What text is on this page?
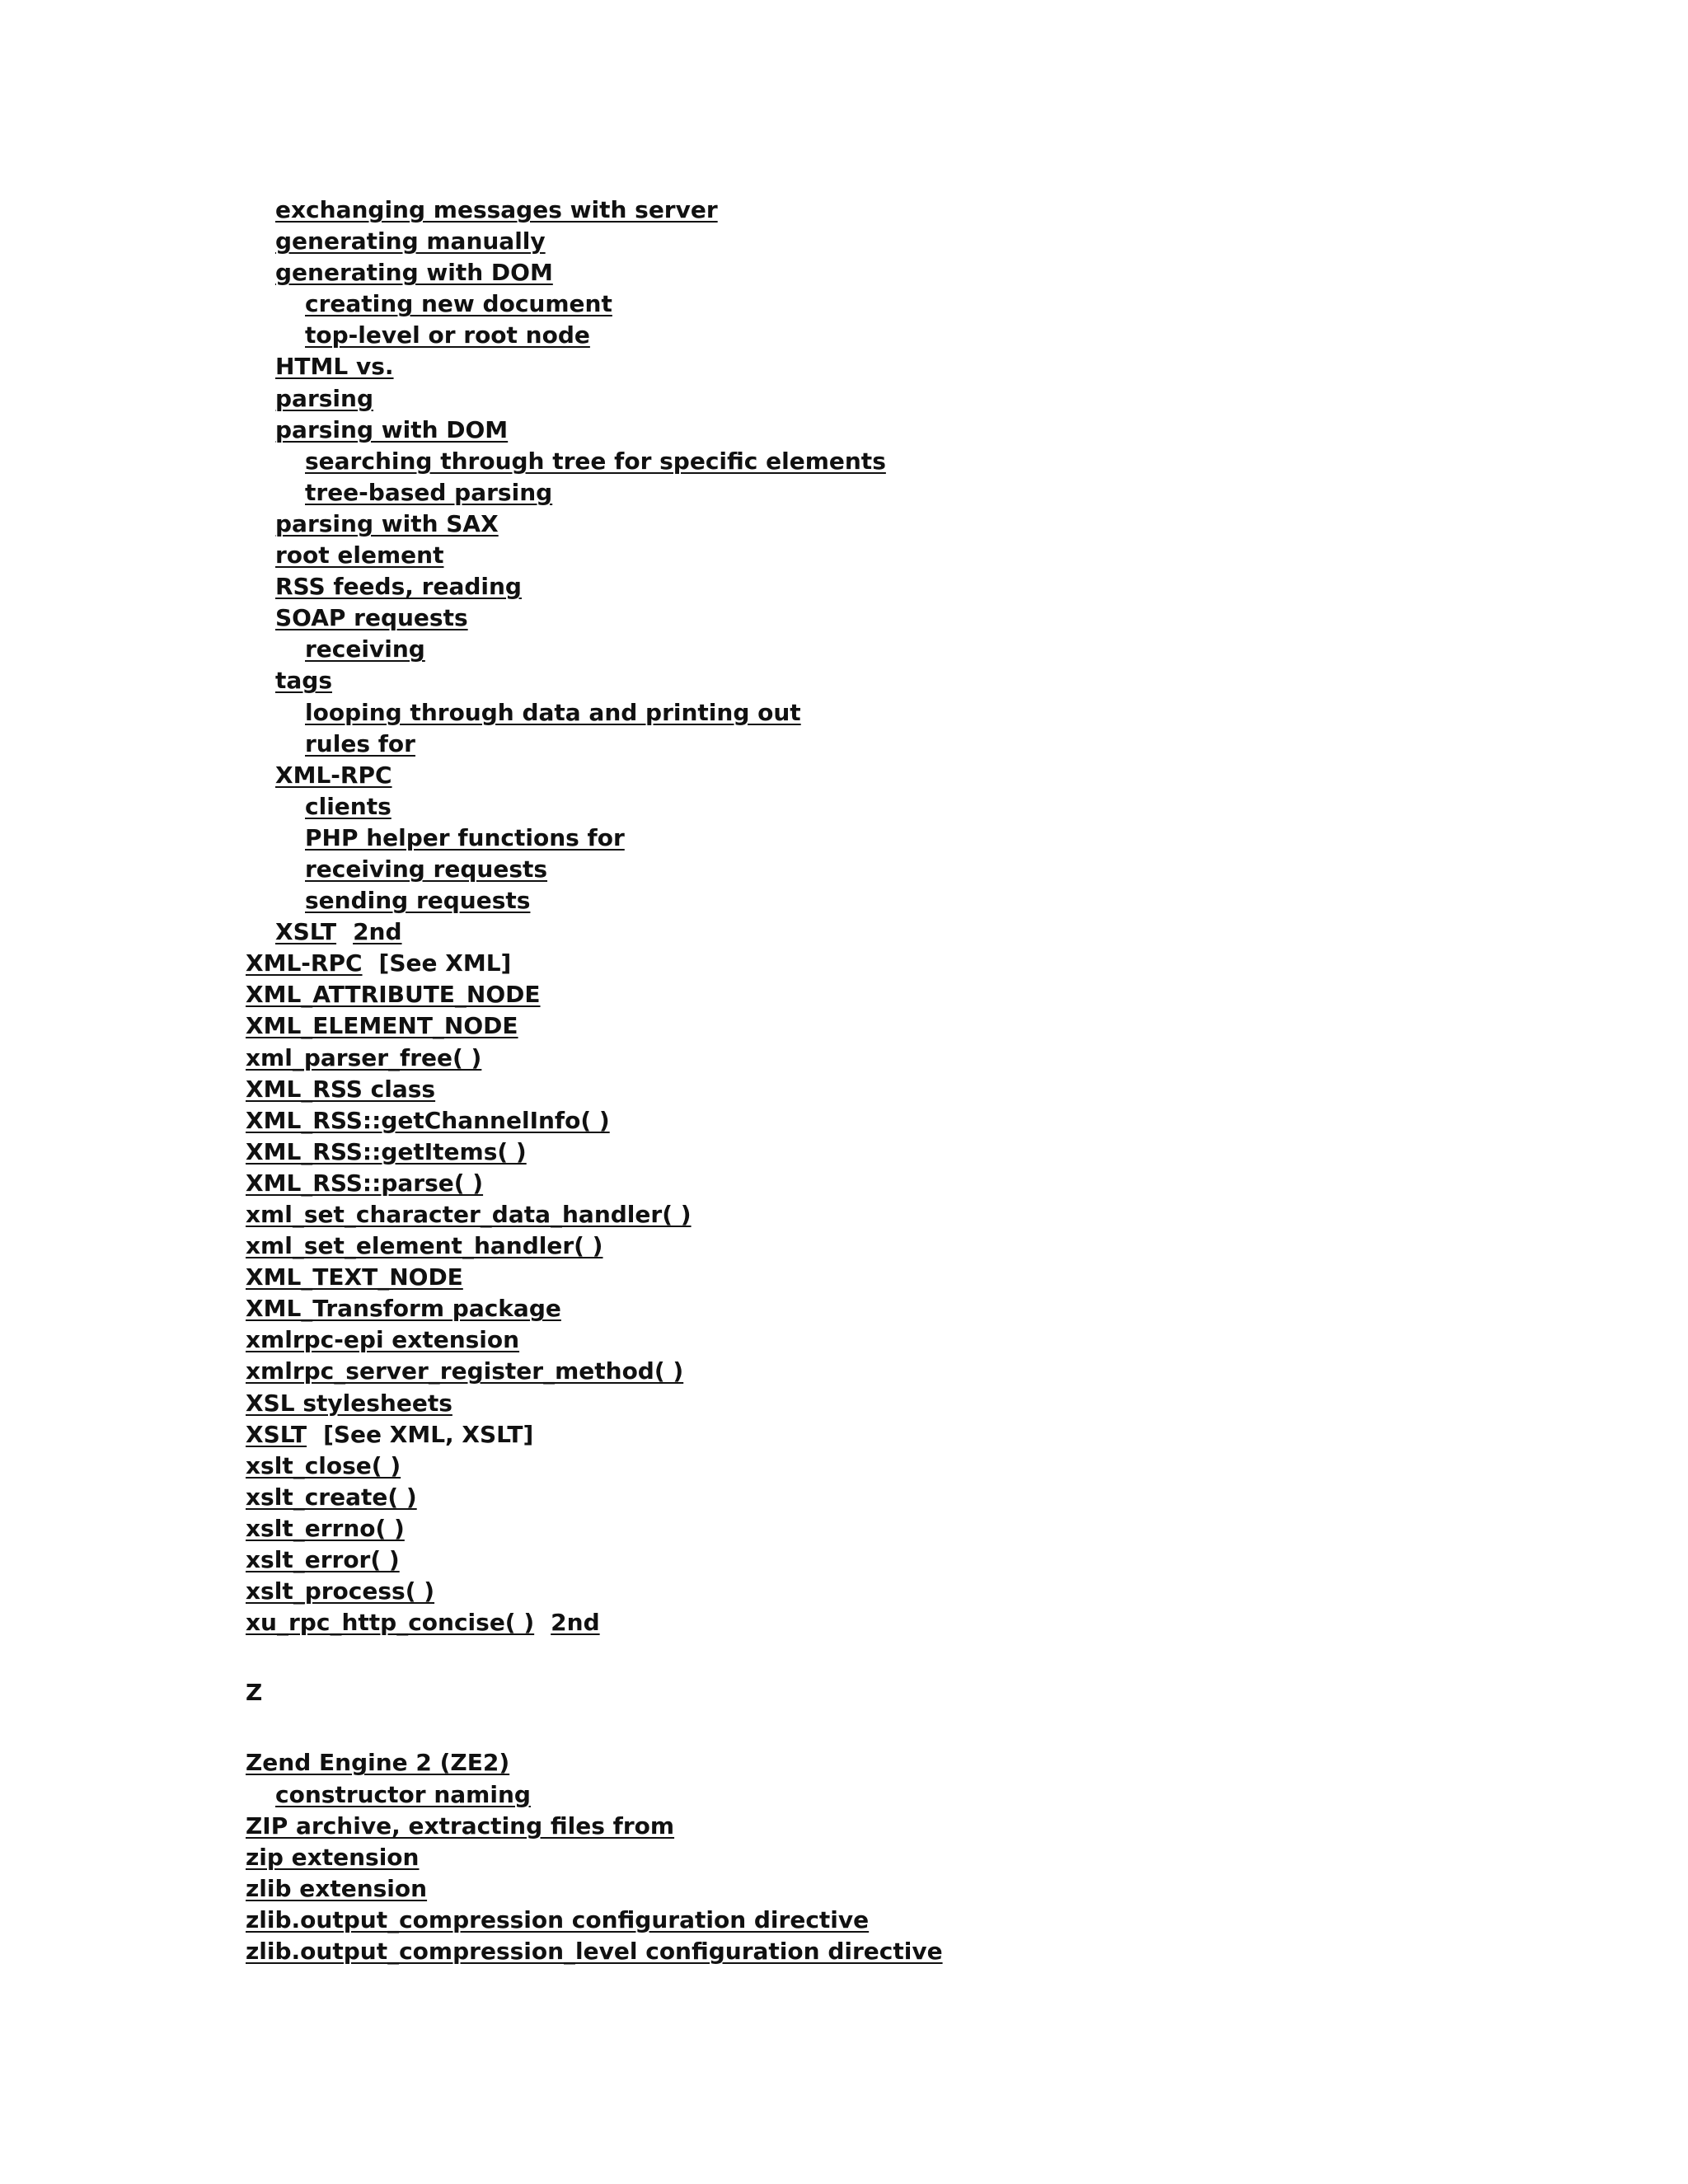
exchanging messages with server
generating manually
generating with DOM
creating new document
top-level or root node
HTML vs.
parsing
parsing with DOM
searching through tree for specific elements
tree-based parsing
parsing with SAX
root element
RSS feeds, reading
SOAP requests
receiving
tags
looping through data and printing out
rules for
XML-RPC
clients
PHP helper functions for
receiving requests
sending requests
XSLT 2nd
XML-RPC [See XML]
XML_ATTRIBUTE_NODE
XML_ELEMENT_NODE
xml_parser_free( )
XML_RSS class
XML_RSS::getChannelInfo( )
XML_RSS::getItems( )
XML_RSS::parse( )
xml_set_character_data_handler( )
xml_set_element_handler( )
XML_TEXT_NODE
XML_Transform package
xmlrpc-epi extension
xmlrpc_server_register_method( )
XSL stylesheets
XSLT [See XML, XSLT]
xslt_close( )
xslt_create( )
xslt_errno( )
xslt_error( )
xslt_process( )
xu_rpc_http_concise( ) 2nd
Z
Zend Engine 2 (ZE2)
constructor naming
ZIP archive, extracting files from
zip extension
zlib extension
zlib.output_compression configuration directive
zlib.output_compression_level configuration directive
